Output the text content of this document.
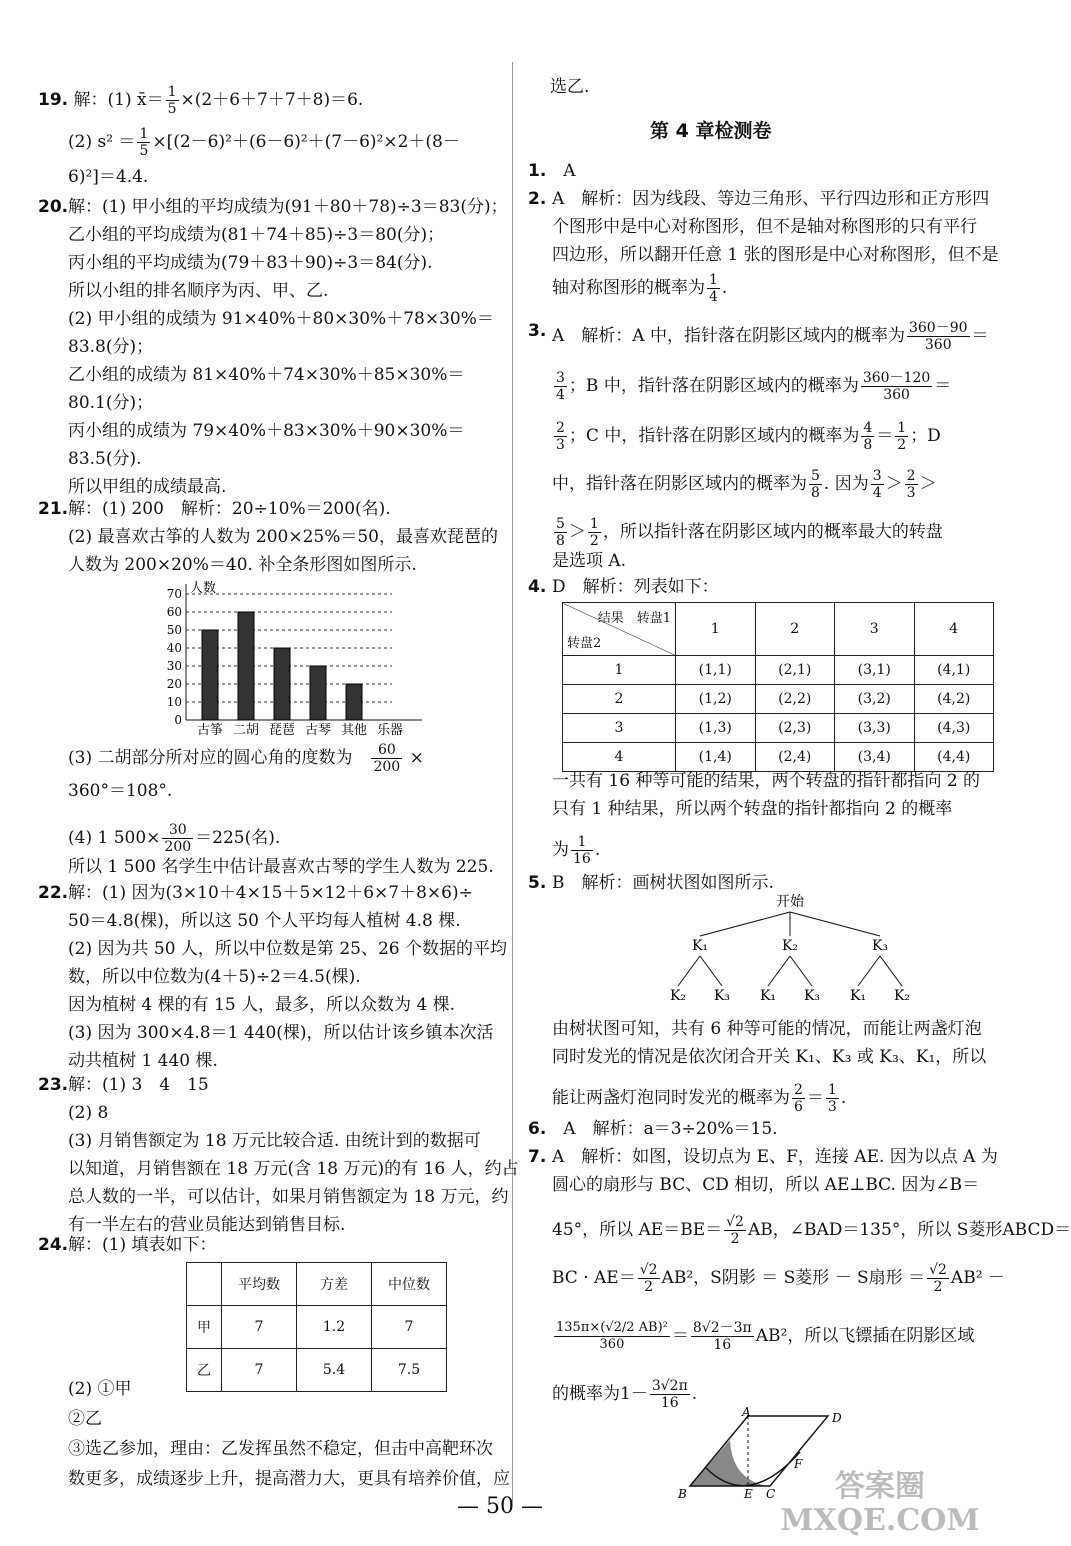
19. 解：(1) x̄＝ $\frac{1}{5} \times(2+6+7+7+8)=6$.
(2) $s^2 = \frac{1}{5} \times[(2-6)^2+(6-6)^2+(7-6)^2\times 2+(8-$
6)²]＝4.4.
20. 解：(1) 甲小组的平均成绩为(91＋80＋78)÷3＝83(分)；
乙小组的平均成绩为(81＋74＋85)÷3＝80(分)；
丙小组的平均成绩为(79＋83＋90)÷3＝84(分).
所以小组的排名顺序为丙、甲、乙.
(2) 甲小组的成绩为 91×40%＋80×30%＋78×30%＝
83.8(分)；
乙小组的成绩为 81×40%＋74×30%＋85×30%＝
80.1(分)；
丙小组的成绩为 79×40%＋83×30%＋90×30%＝
83.5(分).
所以甲组的成绩最高.
21. 解：(1) 200　解析：20÷10%＝200(名).
(2) 最喜欢古筝的人数为 200×25%＝50，最喜欢琵琶的
人数为 200×20%＝40. 补全条形图如图所示.
人数
0
10
20
30
40
50
60
70
古筝 二胡 琵琶 古琴 其他 乐器
(3) 二胡部分所对应的圆心角的度数为　 $\frac{60}{200}$ ×
360°＝108°.
(4) 1 $500\times \frac{30}{200} =225$(名).
所以 1 500 名学生中估计最喜欢古琴的学生人数为 225.
22. 解：(1) 因为(3×10＋4×15＋5×12＋6×7＋8×6)÷
50＝4.8(棵)，所以这 50 个人平均每人植树 4.8 棵.
(2) 因为共 50 人，所以中位数是第 25、26 个数据的平均
数，所以中位数为(4＋5)÷2＝4.5(棵).
因为植树 4 棵的有 15 人，最多，所以众数为 4 棵.
(3) 因为 300×4.8＝1 440(棵)，所以估计该乡镇本次活
动共植树 1 440 棵.
23. 解：(1) 3　4　15
(2) 8
(3) 月销售额定为 18 万元比较合适. 由统计到的数据可
以知道，月销售额在 18 万元(含 18 万元)的有 16 人，约占
总人数的一半，可以估计，如果月销售额定为 18 万元，约
有一半左右的营业员能达到销售目标.
24. 解：(1) 填表如下：
	平均数	方差	中位数
甲	7	1.2	7
乙	7	5.4	7.5
(2) ①甲
②乙
③选乙参加，理由：乙发挥虽然不稳定，但击中高靶环次
数更多，成绩逐步上升，提高潜力大，更具有培养价值，应
选乙.
第 4 章检测卷
1.　 A
2. A　解析：因为线段、等边三角形、平行四边形和正方形四
个图形中是中心对称图形，但不是轴对称图形的只有平行
四边形，所以翻开任意 1 张的图形是中心对称图形，但不是
轴对称图形的概率为 $\frac{1}{4}$ .
3. A　解析：A 中，指针落在阴影区域内的概率为 $\frac{360-90}{360}$ ＝
$\frac{3}{4}$ ；B 中，指针落在阴影区域内的概率为 $\frac{360-120}{360}$ ＝
$\frac{2}{3}$ ；C 中，指针落在阴影区域内的概率为 $\frac{4}{8} = \frac{1}{2}$ ；D
中，指针落在阴影区域内的概率为 $\frac{5}{8}$ . 因为 $\frac{3}{4} > \frac{2}{3}$ ＞
$\frac{5}{8} > \frac{1}{2}$ ，所以指针落在阴影区域内的概率最大的转盘
是选项 A.
4. D　解析：列表如下：
结果　转盘1
转盘2	1	2	3	4
1	(1,1)	(2,1)	(3,1)	(4,1)
2	(1,2)	(2,2)	(3,2)	(4,2)
3	(1,3)	(2,3)	(3,3)	(4,3)
4	(1,4)	(2,4)	(3,4)	(4,4)
一共有 16 种等可能的结果，两个转盘的指针都指向 2 的
只有 1 种结果，所以两个转盘的指针都指向 2 的概率
为 $\frac{1}{16}$ .
5. B　解析：画树状图如图所示.
开始
K₁
K₂ K₃
K₂
K₁ K₃
K₃
K₁ K₂
由树状图可知，共有 6 种等可能的情况，而能让两盏灯泡
同时发光的情况是依次闭合开关 K₁、K₃ 或 K₃、K₁，所以
能让两盏灯泡同时发光的概率为 $\frac{2}{6} = \frac{1}{3}$ .
6.　 A　解析：a＝3÷20%＝15.
7. A　解析：如图，设切点为 E、F，连接 AE. 因为以点 A 为
圆心的扇形与 BC、CD 相切，所以 AE⊥BC. 因为∠B＝
45°，所以 $AE=BE= \frac{√2}{2}$ AB，∠BAD＝135°，所以 S菱形ABCD＝
BC · $AE= \frac{√2}{2} AB^2$，S阴影 ＝ S菱形 － S扇形 ＝ $\frac{√2}{2} AB^2$ －
$\frac{\text{135π×(√2/2 AB)²}}{360} = \frac{8√2-3\pi}{16} AB^2$，所以飞镖插在阴影区域
的概率为$1- \frac{3√2\pi}{16}$ .
A	D
B	E C
F
— 50 —
答案圈 MXQE.COM
